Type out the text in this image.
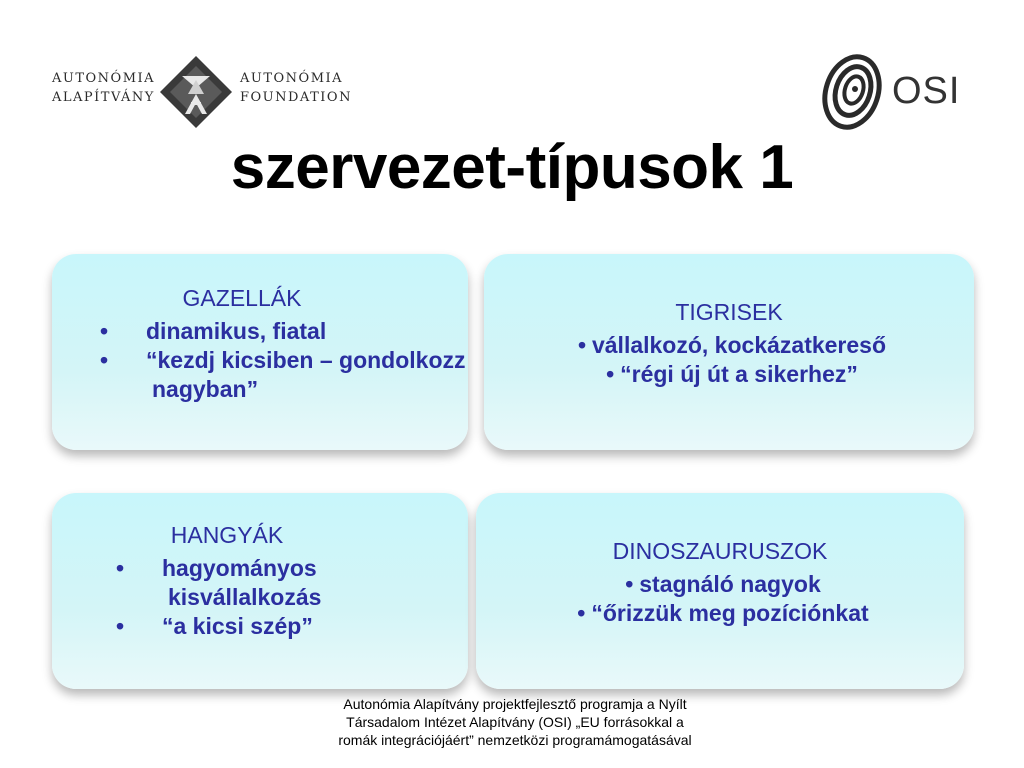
AUTONÓMIA
ALAPÍTVÁNY
AUTONÓMIA
FOUNDATION	OSI
szervezet-típusok 1
GAZELLÁK
• dinamikus, fiatal
• “kezdj kicsiben – gondolkozz nagyban”
TIGRISEK
• vállalkozó, kockázatkereső
• “régi új út a sikerhez”
HANGYÁK
• hagyományos kisvállalkozás
• “a kicsi szép”
DINOSZAURUSZOK
• stagnáló nagyok
• “őrizzük meg pozíciónkat
Autonómia Alapítvány projektfejlesztő programja a Nyílt
Társadalom Intézet Alapítvány (OSI) „EU forrásokkal a
romák integrációjáért” nemzetközi programámogatásával
